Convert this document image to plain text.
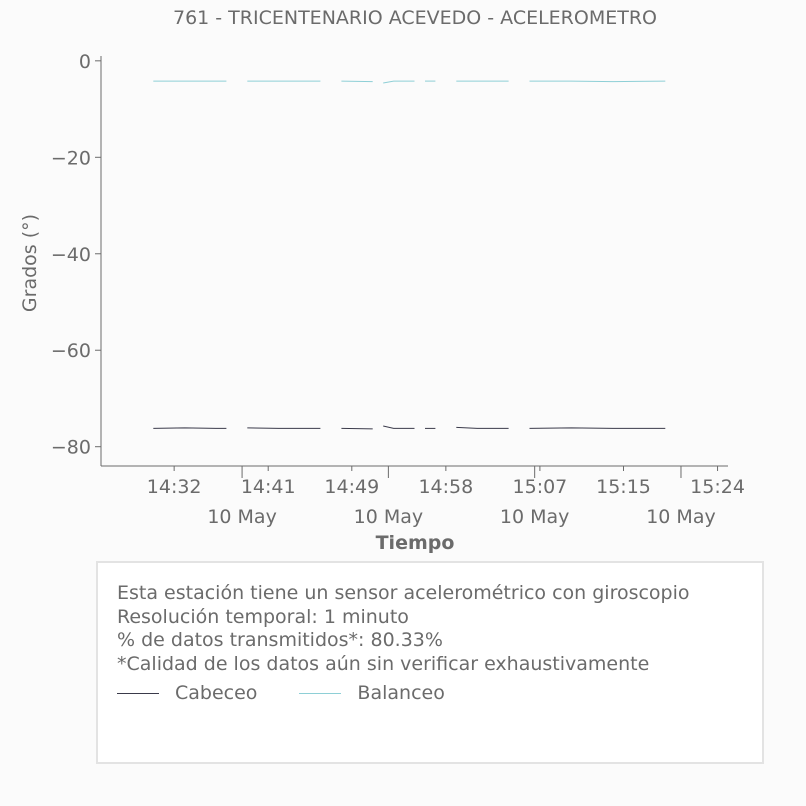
761 - TRICENTENARIO ACEVEDO - ACELEROMETRO
0
−20
−40
−60
−80
Grados (°)
14:32 14:41 14:49 14:58 15:07 15:15 15:24
10 May	10 May	10 May	10 May
Tiempo
Esta estación tiene un sensor acelerométrico con giroscopio
Resolución temporal: 1 minuto
% de datos transmitidos*: 80.33%
*Calidad de los datos aún sin verificar exhaustivamente
Cabeceo	Balanceo
